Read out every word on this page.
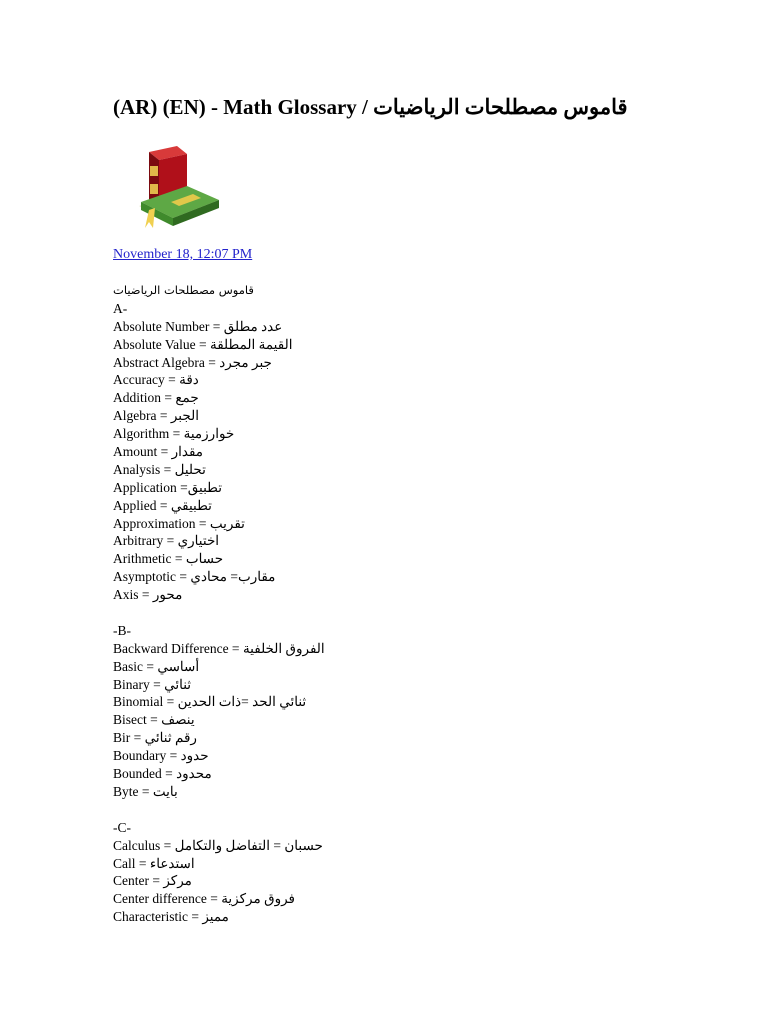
(AR) (EN) - Math Glossary / قاموس مصطلحات الرياضيات
November 18, 12:07 PM
قاموس مصطلحات الرياضيات
A-
Absolute Number = عدد مطلق
Absolute Value = القيمة المطلقة
Abstract Algebra = جبر مجرد
Accuracy = دقة
Addition = جمع
Algebra = الجبر
Algorithm = خوارزمية
Amount = مقدار
Analysis = تحليل
Application =تطبيق
Applied = تطبيقي
Approximation = تقريب
Arbitrary = اختياري
Arithmetic = حساب
Asymptotic = مقارب= محادي
Axis = محور
-B-
Backward Difference = الفروق الخلفية
Basic = أساسي
Binary = ثنائي
Binomial = ثنائي الحد =ذات الحدين
Bisect = ينصف
Bir = رقم ثنائي
Boundary = حدود
Bounded = محدود
Byte = بايت
-C-
Calculus = حسبان = التفاضل والتكامل
Call = استدعاء
Center = مركز
Center difference = فروق مركزية
Characteristic = مميز
